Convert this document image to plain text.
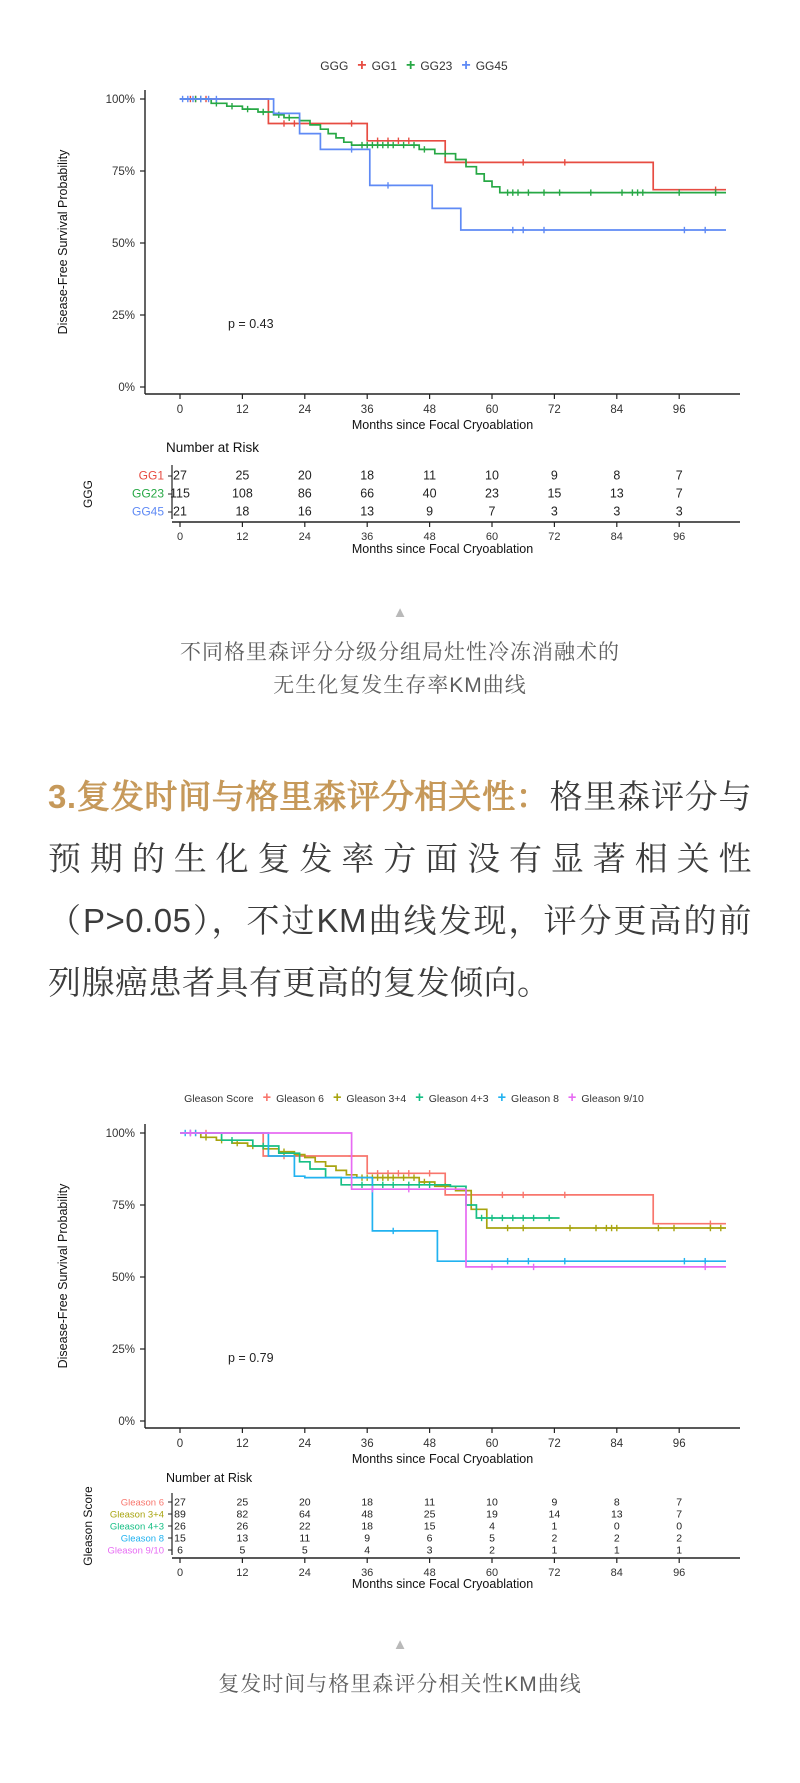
GGG + GG1 + GG23 + GG45
100%
75%
50%
25%
0%
0	12	24	36	48	60	72	84	96
Months since Focal Cryoablation
Disease-Free Survival Probability	p = 0.43
Number at Risk
GGG
GG1 27	25	20	18	11	10	9	8	7
GG23 115	108	86	66	40	23	15	13	7
GG45 21	18	16	13	9	7	3	3	3
0	12	24	36	48	60	72	84	96
Months since Focal Cryoablation
▲
不同格里森评分分级分组局灶性冷冻消融术的
无生化复发生存率KM曲线

3.复发时间与格里森评分相关性：格里森评分与预期的生化复发率方面没有显著相关性（P>0.05），不过KM曲线发现，评分更高的前列腺癌患者具有更高的复发倾向。

Gleason Score + Gleason 6 + Gleason 3+4 + Gleason 4+3 + Gleason 8 + Gleason 9/10
100%
75%
50%
25%
0%
0	12	24	36	48	60	72	84	96
Months since Focal Cryoablation
Disease-Free Survival Probability	p = 0.79
Number at Risk
Gleason Score	Gleason 6 27	25	20	18	11	10	9	8	7
Gleason 3+4 89	82	64	48	25	19	14	13	7
Gleason 4+3 26	26	22	18	15	4	1	0	0
Gleason 8 15	13	11	9	6	5	2	2	2
Gleason 9/10 6	5	5	4	3	2	1	1	1
0	12	24	36	48	60	72	84	96
Months since Focal Cryoablation
▲
复发时间与格里森评分相关性KM曲线
